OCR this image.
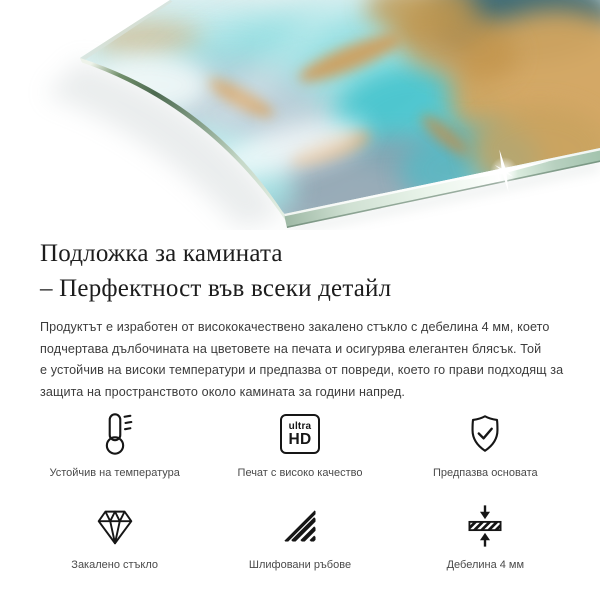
Подложка за камината
– Перфектност във всеки детайл
Продуктът е изработен от висококачествено закалено стъкло с дебелина 4 мм, което
подчертава дълбочината на цветовете на печата и осигурява елегантен блясък. Той
е устойчив на високи температури и предпазва от повреди, което го прави подходящ за
защита на пространството около камината за години напред.
Устойчив на температура
ultra
HD
Печат с високо качество	Предпазва основата
Закалено стъкло	Шлифовани ръбове	Дебелина 4 мм
